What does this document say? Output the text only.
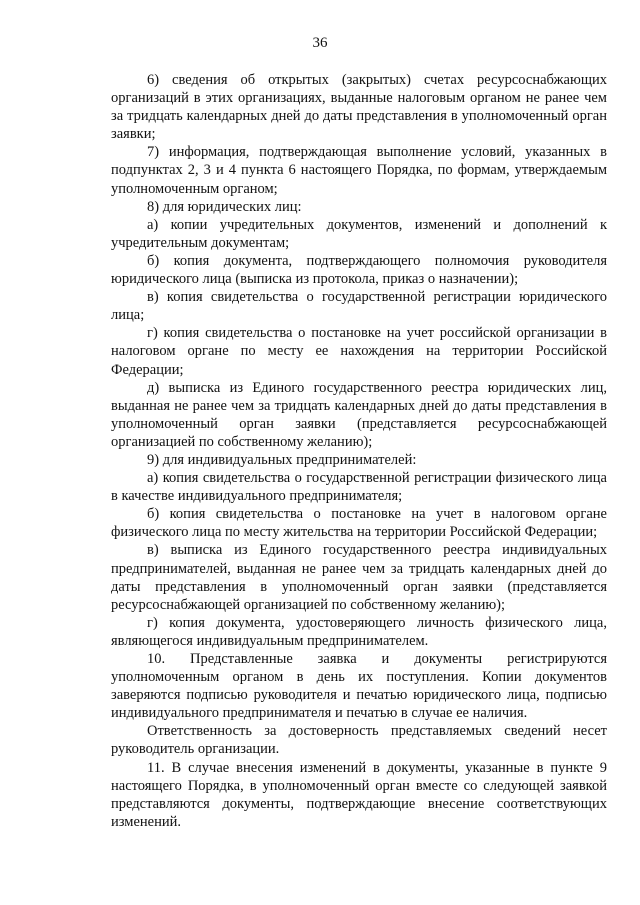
36

6) сведения об открытых (закрытых) счетах ресурсоснабжающих организаций в этих организациях, выданные налоговым органом не ранее чем за тридцать календарных дней до даты представления в уполномоченный орган заявки;

7) информация, подтверждающая выполнение условий, указанных в подпунктах 2, 3 и 4 пункта 6 настоящего Порядка, по формам, утверждаемым уполномоченным органом;

8) для юридических лиц:

а) копии учредительных документов, изменений и дополнений к учредительным документам;

б) копия документа, подтверждающего полномочия руководителя юридического лица (выписка из протокола, приказ о назначении);

в) копия свидетельства о государственной регистрации юридического лица;

г) копия свидетельства о постановке на учет российской организации в налоговом органе по месту ее нахождения на территории Российской Федерации;

д) выписка из Единого государственного реестра юридических лиц, выданная не ранее чем за тридцать календарных дней до даты представления в уполномоченный орган заявки (представляется ресурсоснабжающей организацией по собственному желанию);

9) для индивидуальных предпринимателей:

а) копия свидетельства о государственной регистрации физического лица в качестве индивидуального предпринимателя;

б) копия свидетельства о постановке на учет в налоговом органе физического лица по месту жительства на территории Российской Федерации;

в) выписка из Единого государственного реестра индивидуальных предпринимателей, выданная не ранее чем за тридцать календарных дней до даты представления в уполномоченный орган заявки (представляется ресурсоснабжающей организацией по собственному желанию);

г) копия документа, удостоверяющего личность физического лица, являющегося индивидуальным предпринимателем.

10. Представленные заявка и документы регистрируются уполномоченным органом в день их поступления. Копии документов заверяются подписью руководителя и печатью юридического лица, подписью индивидуального предпринимателя и печатью в случае ее наличия.

Ответственность за достоверность представляемых сведений несет руководитель организации.

11. В случае внесения изменений в документы, указанные в пункте 9 настоящего Порядка, в уполномоченный орган вместе со следующей заявкой представляются документы, подтверждающие внесение соответствующих изменений.
